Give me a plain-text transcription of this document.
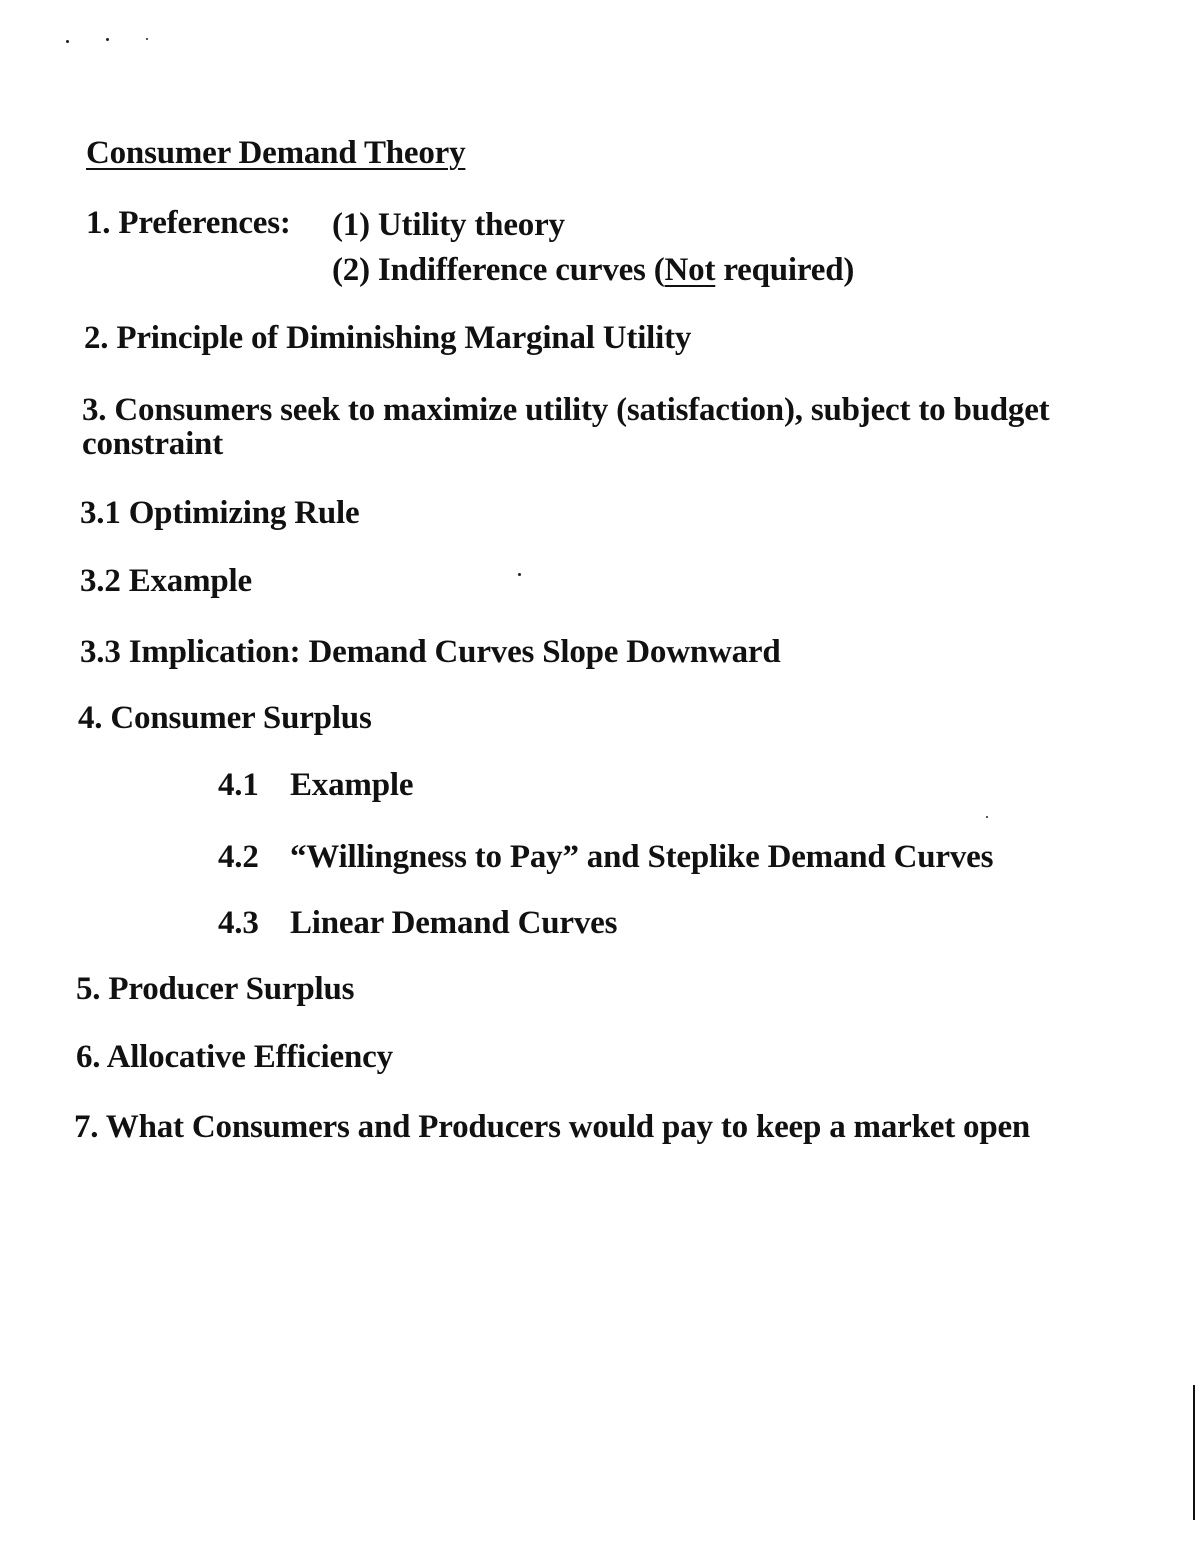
Consumer Demand Theory
1. Preferences: (1) Utility theory
(2) Indifference curves (Not required)
2. Principle of Diminishing Marginal Utility
3. Consumers seek to maximize utility (satisfaction), subject to budget
constraint
3.1 Optimizing Rule
3.2 Example
3.3 Implication: Demand Curves Slope Downward
4. Consumer Surplus
4.1 Example
4.2 “Willingness to Pay” and Steplike Demand Curves
4.3 Linear Demand Curves
5. Producer Surplus
6. Allocative Efficiency
7. What Consumers and Producers would pay to keep a market open
